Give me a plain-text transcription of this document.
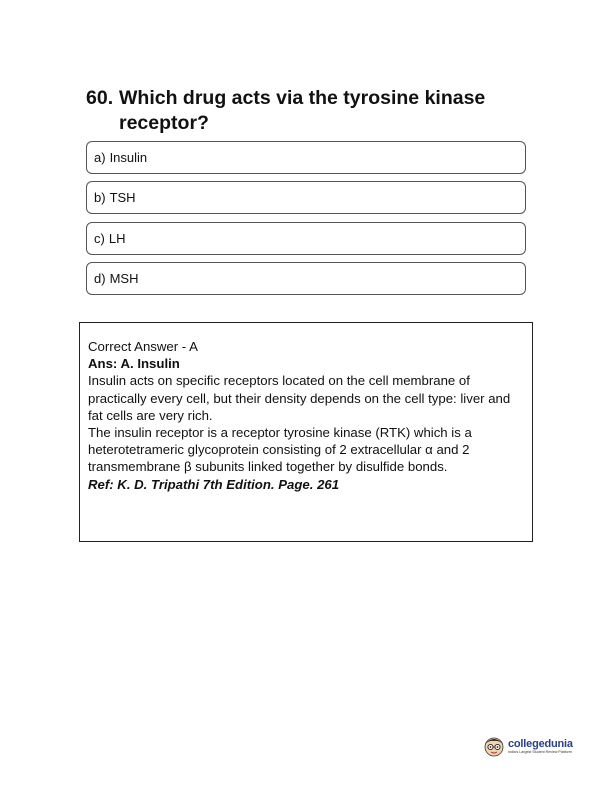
60. Which drug acts via the tyrosine kinase receptor?
a) Insulin
b) TSH
c) LH
d) MSH

Correct Answer - A

Ans: A. Insulin

Insulin acts on specific receptors located on the cell membrane of practically every cell, but their density depends on the cell type: liver and fat cells are very rich.

The insulin receptor is a receptor tyrosine kinase (RTK) which is a heterotetrameric glycoprotein consisting of 2 extracellular α and 2 transmembrane β subunits linked together by disulfide bonds.

Ref: K. D. Tripathi 7th Edition. Page. 261

collegedunia
India's Largest Student Review Platform
